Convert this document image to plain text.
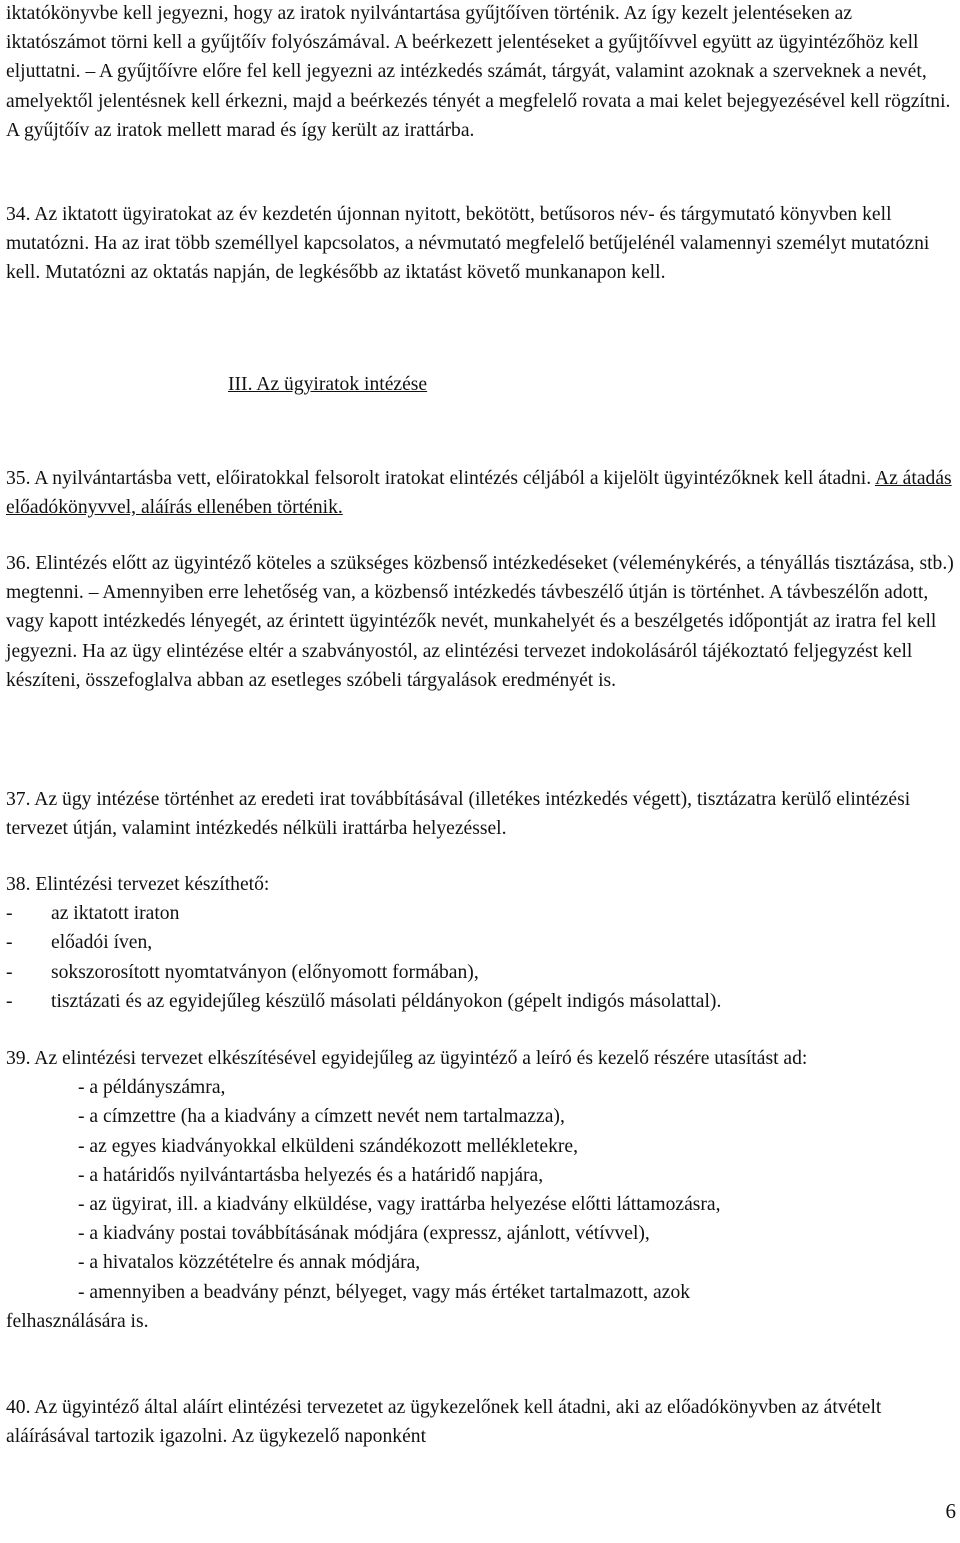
iktatókönyvbe kell jegyezni, hogy az iratok nyilvántartása gyűjtőíven történik. Az így kezelt jelentéseken az iktatószámot törni kell a gyűjtőív folyószámával. A beérkezett jelentéseket a gyűjtőívvel együtt az ügyintézőhöz kell eljuttatni. – A gyűjtőívre előre fel kell jegyezni az intézkedés számát, tárgyát, valamint azoknak a szerveknek a nevét, amelyektől jelentésnek kell érkezni, majd a beérkezés tényét a megfelelő rovata a mai kelet bejegyezésével kell rögzítni. A gyűjtőív az iratok mellett marad és így került az irattárba.

34. Az iktatott ügyiratokat az év kezdetén újonnan nyitott, bekötött, betűsoros név- és tárgymutató könyvben kell mutatózni. Ha az irat több személlyel kapcsolatos, a névmutató megfelelő betűjelénél valamennyi személyt mutatózni kell. Mutatózni az oktatás napján, de legkésőbb az iktatást követő munkanapon kell.

III. Az ügyiratok intézése

35. A nyilvántartásba vett, előiratokkal felsorolt iratokat elintézés céljából a kijelölt ügyintézőknek kell átadni. Az átadás előadókönyvvel, aláírás ellenében történik.

36. Elintézés előtt az ügyintéző köteles a szükséges közbenső intézkedéseket (véleménykérés, a tényállás tisztázása, stb.) megtenni. – Amennyiben erre lehetőség van, a közbenső intézkedés távbeszélő útján is történhet. A távbeszélőn adott, vagy kapott intézkedés lényegét, az érintett ügyintézők nevét, munkahelyét és a beszélgetés időpontját az iratra fel kell jegyezni. Ha az ügy elintézése eltér a szabványostól, az elintézési tervezet indokolásáról tájékoztató feljegyzést kell készíteni, összefoglalva abban az esetleges szóbeli tárgyalások eredményét is.

37. Az ügy intézése történhet az eredeti irat továbbításával (illetékes intézkedés végett), tisztázatra kerülő elintézési tervezet útján, valamint intézkedés nélküli irattárba helyezéssel.

38. Elintézési tervezet készíthető:

-	az iktatott iraton
-	előadói íven,
-	sokszorosított nyomtatványon (előnyomott formában),
-	tisztázati és az egyidejűleg készülő másolati példányokon (gépelt indigós másolattal).

39. Az elintézési tervezet elkészítésével egyidejűleg az ügyintéző a leíró és kezelő részére utasítást ad:

- a példányszámra,
- a címzettre (ha a kiadvány a címzett nevét nem tartalmazza),
- az egyes kiadványokkal elküldeni szándékozott mellékletekre,
- a határidős nyilvántartásba helyezés és a határidő napjára,
- az ügyirat, ill. a kiadvány elküldése, vagy irattárba helyezése előtti láttamozásra,
- a kiadvány postai továbbításának módjára (expressz, ajánlott, vétívvel),
- a hivatalos közzétételre és annak módjára,
- amennyiben a beadvány pénzt, bélyeget, vagy más értéket tartalmazott, azok

felhasználására is.

40. Az ügyintéző által aláírt elintézési tervezetet az ügykezelőnek kell átadni, aki az előadókönyvben az átvételt aláírásával tartozik igazolni. Az ügykezelő naponként

6
